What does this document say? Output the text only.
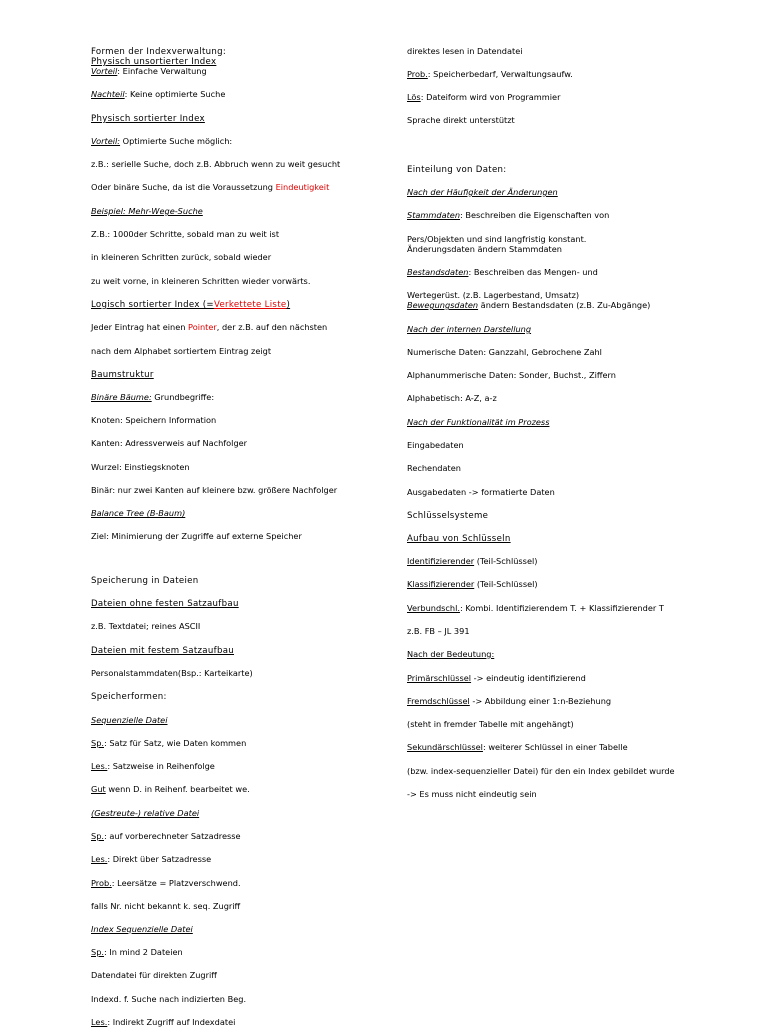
Formen der Indexverwaltung:
Physisch unsortierter Index
Vorteil: Einfache Verwaltung
Nachteil: Keine optimierte Suche
Physisch sortierter Index
Vorteil: Optimierte Suche möglich:
z.B.: serielle Suche, doch z.B. Abbruch wenn zu weit gesucht
Oder binäre Suche, da ist die Voraussetzung Eindeutigkeit
Beispiel: Mehr-Wege-Suche
Z.B.: 1000der Schritte, sobald man zu weit ist
in kleineren Schritten zurück, sobald wieder
zu weit vorne, in kleineren Schritten wieder vorwärts.
Logisch sortierter Index (=Verkettete Liste)
Jeder Eintrag hat einen Pointer, der z.B. auf den nächsten
nach dem Alphabet sortiertem Eintrag zeigt
Baumstruktur
Binäre Bäume: Grundbegriffe:
Knoten: Speichern Information
Kanten: Adressverweis auf Nachfolger
Wurzel: Einstiegsknoten
Binär: nur zwei Kanten auf kleinere bzw. größere Nachfolger
Balance Tree (B-Baum)
Ziel: Minimierung der Zugriffe auf externe Speicher
Speicherung in Dateien
Dateien ohne festen Satzaufbau
z.B. Textdatei; reines ASCII
Dateien mit festem Satzaufbau
Personalstammdaten(Bsp.: Karteikarte)
Speicherformen:
Sequenzielle Datei
Sp.: Satz für Satz, wie Daten kommen
Les.: Satzweise in Reihenfolge
Gut wenn D. in Reihenf. bearbeitet we.
(Gestreute-) relative Datei
Sp.: auf vorberechneter Satzadresse
Les.: Direkt über Satzadresse
Prob.: Leersätze = Platzverschwend.
falls Nr. nicht bekannt k. seq. Zugriff
Index Sequenzielle Datei
Sp.: In mind 2 Dateien
Datendatei für direkten Zugriff
Indexd. f. Suche nach indizierten Beg.
Les.: Indirekt Zugriff auf Indexdatei
direktes lesen in Datendatei
Prob.: Speicherbedarf, Verwaltungsaufw.
Lös: Dateiform wird von Programmier
Sprache direkt unterstützt
Einteilung von Daten:
Nach der Häufigkeit der Änderungen
Stammdaten: Beschreiben die Eigenschaften von
Pers/Objekten und sind langfristig konstant.
Änderungsdaten ändern Stammdaten
Bestandsdaten: Beschreiben das Mengen- und
Wertegerüst. (z.B. Lagerbestand, Umsatz)
Bewegungsdaten ändern Bestandsdaten (z.B. Zu-Abgänge)
Nach der internen Darstellung
Numerische Daten: Ganzzahl, Gebrochene Zahl
Alphanummerische Daten: Sonder, Buchst., Ziffern
Alphabetisch: A-Z, a-z
Nach der Funktionalität im Prozess
Eingabedaten
Rechendaten
Ausgabedaten -> formatierte Daten
Schlüsselsysteme
Aufbau von Schlüsseln
Identifizierender (Teil-Schlüssel)
Klassifizierender (Teil-Schlüssel)
Verbundschl.: Kombi. Identifizierendem T. + Klassifizierender T
z.B. FB – JL 391
Nach der Bedeutung:
Primärschlüssel -> eindeutig identifizierend
Fremdschlüssel -> Abbildung einer 1:n-Beziehung
(steht in fremder Tabelle mit angehängt)
Sekundärschlüssel: weiterer Schlüssel in einer Tabelle
(bzw. index-sequenzieller Datei) für den ein Index gebildet wurde
-> Es muss nicht eindeutig sein
